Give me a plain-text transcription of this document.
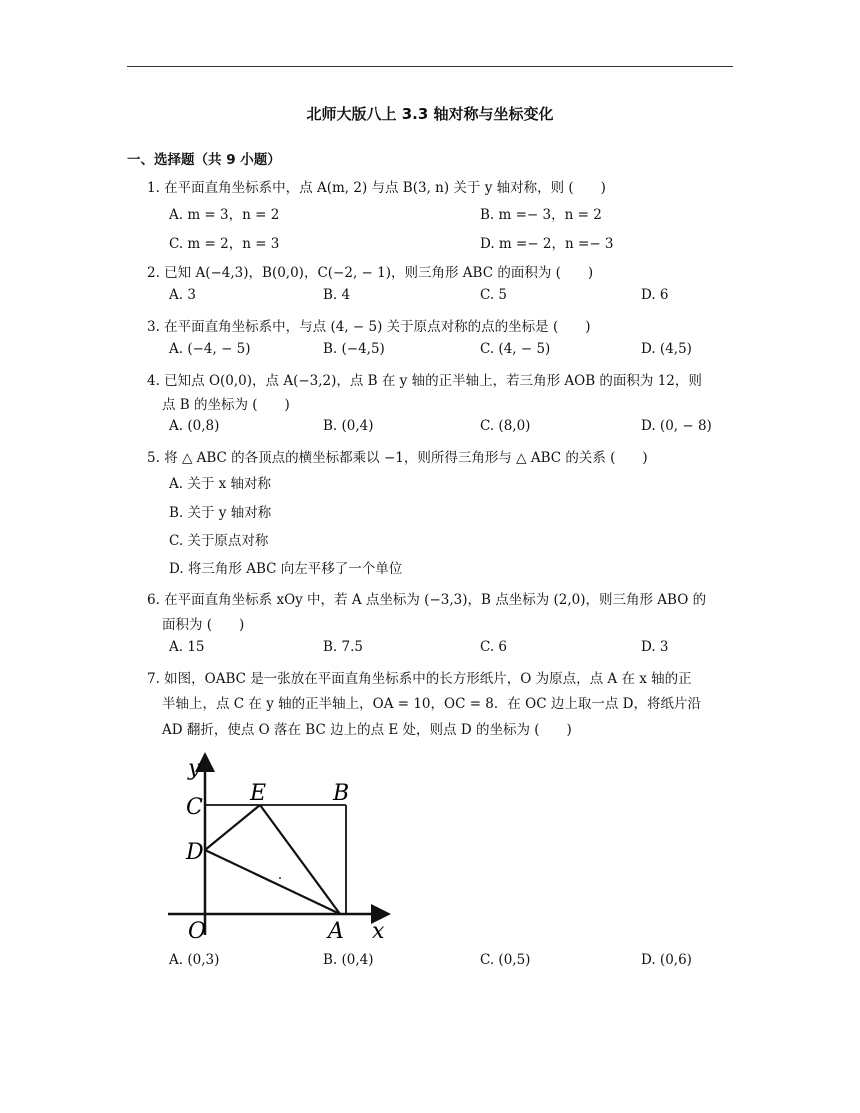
北师大版八上 3.3 轴对称与坐标变化
一、选择题（共 9 小题）
1. 在平面直角坐标系中，点 A(m, 2) 与点 B(3, n) 关于 y 轴对称，则 (　　)
A. m = 3，n = 2	B. m =− 3，n = 2
C. m = 2，n = 3	D. m =− 2，n =− 3
2. 已知 A(−4,3)，B(0,0)，C(−2, − 1)，则三角形 ABC 的面积为 (　　)
A. 3	B. 4	C. 5	D. 6
3. 在平面直角坐标系中，与点 (4, − 5) 关于原点对称的点的坐标是 (　　)
A. (−4, − 5)	B. (−4,5)	C. (4, − 5)	D. (4,5)
4. 已知点 O(0,0)，点 A(−3,2)，点 B 在 y 轴的正半轴上，若三角形 AOB 的面积为 12，则
点 B 的坐标为 (　　)
A. (0,8)	B. (0,4)	C. (8,0)	D. (0, − 8)
5. 将 △ ABC 的各顶点的横坐标都乘以 −1，则所得三角形与 △ ABC 的关系 (　　)
A. 关于 x 轴对称
B. 关于 y 轴对称
C. 关于原点对称
D. 将三角形 ABC 向左平移了一个单位
6. 在平面直角坐标系 xOy 中，若 A 点坐标为 (−3,3)，B 点坐标为 (2,0)，则三角形 ABO 的
面积为 (　　)
A. 15	B. 7.5	C. 6	D. 3
7. 如图，OABC 是一张放在平面直角坐标系中的长方形纸片，O 为原点，点 A 在 x 轴的正
半轴上，点 C 在 y 轴的正半轴上，OA = 10，OC = 8．在 OC 边上取一点 D，将纸片沿
AD 翻折，使点 O 落在 BC 边上的点 E 处，则点 D 的坐标为 (　　)
y
C
E	B
D
O	A x
A. (0,3)	B. (0,4)	C. (0,5)	D. (0,6)
